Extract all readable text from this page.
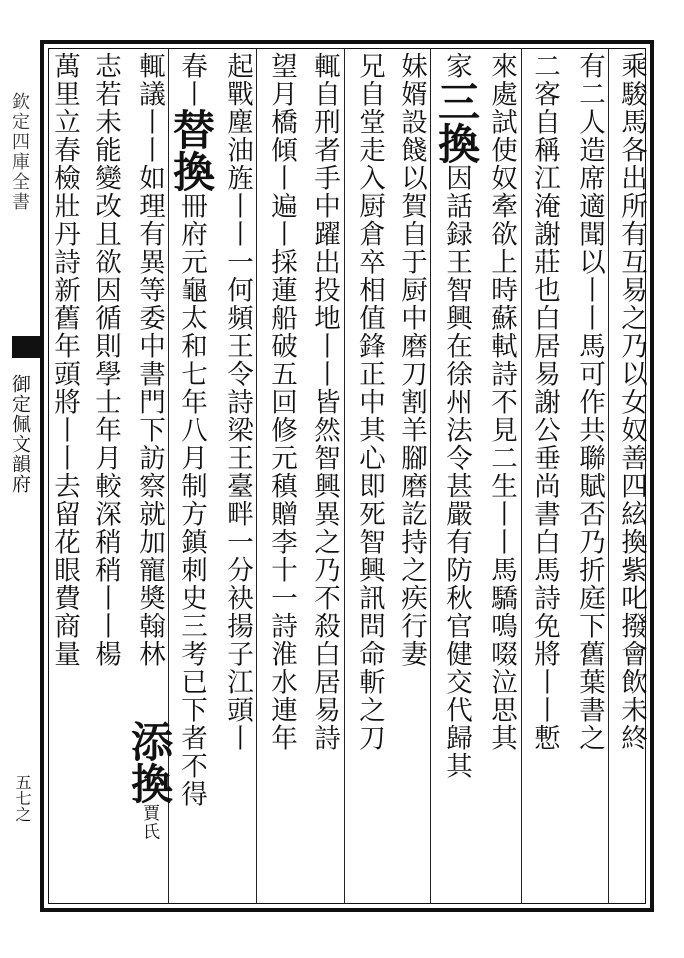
欽定四庫全書
御定佩文韻府
五七之
乘駿馬各出所有互易之乃以女奴善四絃換紫叱撥會飲未終
有二人造席適聞以丨丨馬可作共聯賦否乃折庭下舊葉書之
二客自稱江淹謝莊也白居易謝公垂尚書白馬詩免將丨丨慙
來處試使奴牽欲上時蘇軾詩不見二生丨丨馬驕鳴啜泣思其
家三換因話録王智興在徐州法令甚嚴有防秋官健交代歸其
妹婿設餞以賀自于厨中磨刀割羊腳磨訖持之疾行妻
兄自堂走入厨倉卒相值鋒正中其心即死智興訊問命斬之刀
輒自刑者手中躍出投地丨丨皆然智興異之乃不殺白居易詩
望月橋傾丨遍丨採蓮船破五回修元稹贈李十一詩淮水連年
起戰塵油旌丨丨一何頻王令詩梁王臺畔一分袂揚子江頭丨
春丨替換冊府元龜太和七年八月制方鎮刺史三考已下者不得
輒議丨丨如理有異等委中書門下訪察就加寵奬翰林
志若未能變改且欲因循則學士年月較深稍稍丨丨楊
萬里立春檢壯丹詩新舊年頭將丨丨去留花眼費商量
添換賈氏
